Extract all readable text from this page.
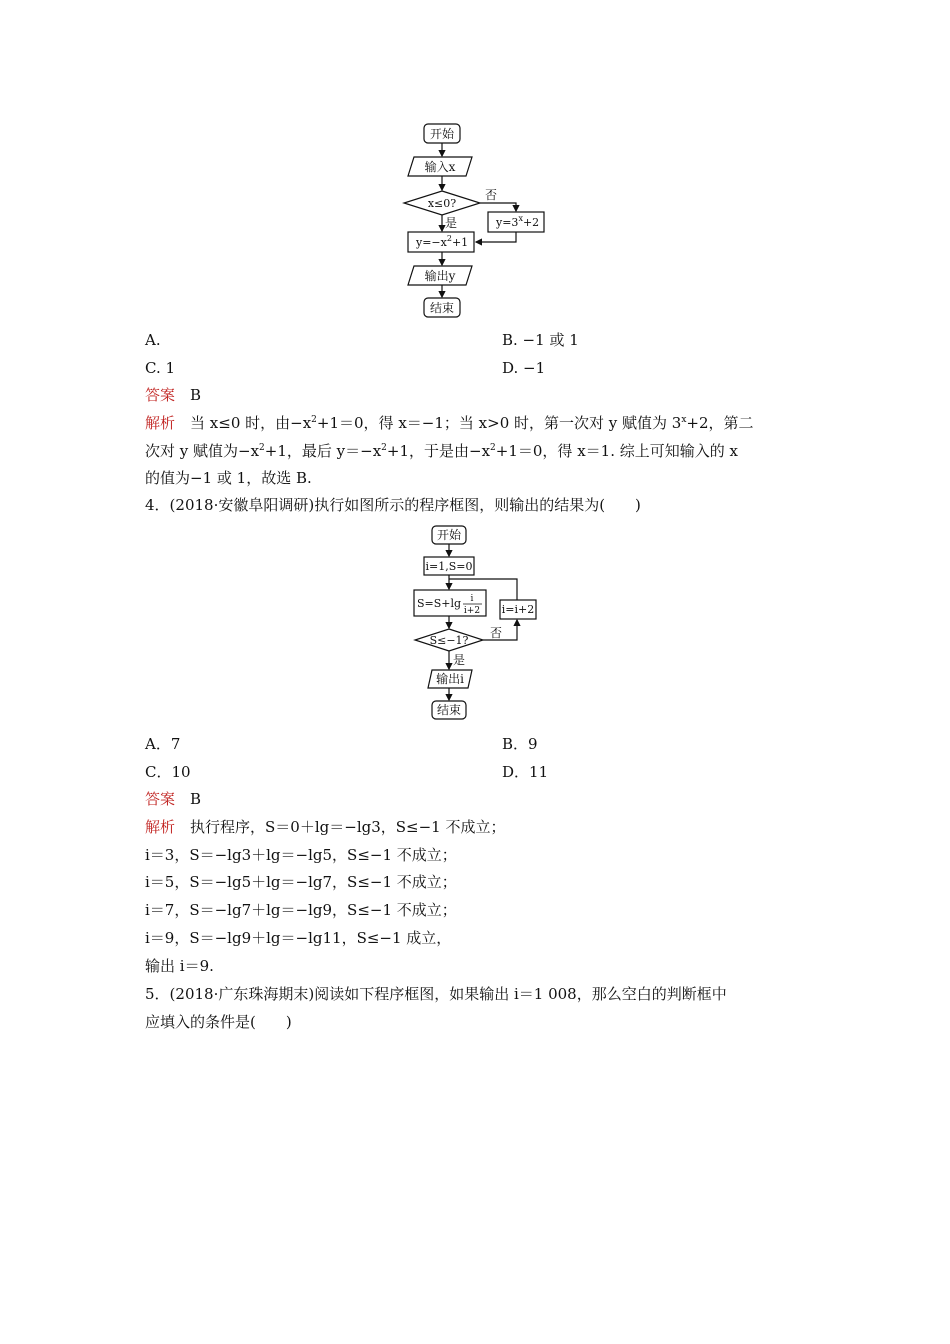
开始
输入x
x≤0?
否
是	$y=3^x+2$
$y=-x^2+1$
输出y
结束
A.	B. −1 或 1
C. 1	D. −1
答案　 B
解析　 当 x≤0 时，由$-x^2+1=0$，得 x＝−1；当 x>0 时，第一次对 y 赋值为 $3^x+2$，第二
次对 y 赋值为$-x^2+1$，最后 $y=-x^2+1$，于是由$-x^2+1=0$，得 x＝1. 综上可知输入的 x
的值为−1 或 1，故选 B.
4．(2018·安徽阜阳调研)执行如图所示的程序框图，则输出的结果为(　　)
开始
i=1,S=0
S=S+lg i
i+2 i=i+2
S≤−1?
否
是
输出i
结束
A．7	B．9
C．10	D．11
答案　 B
解析　 执行程序，S＝0＋lg＝−lg3，S≤−1 不成立；
i＝3，S＝−lg3＋lg＝−lg5，S≤−1 不成立；
i＝5，S＝−lg5＋lg＝−lg7，S≤−1 不成立；
i＝7，S＝−lg7＋lg＝−lg9，S≤−1 不成立；
i＝9，S＝−lg9＋lg＝−lg11，S≤−1 成立，
输出 i＝9.
5．(2018·广东珠海期末)阅读如下程序框图，如果输出 i＝1 008，那么空白的判断框中
应填入的条件是(　　)
